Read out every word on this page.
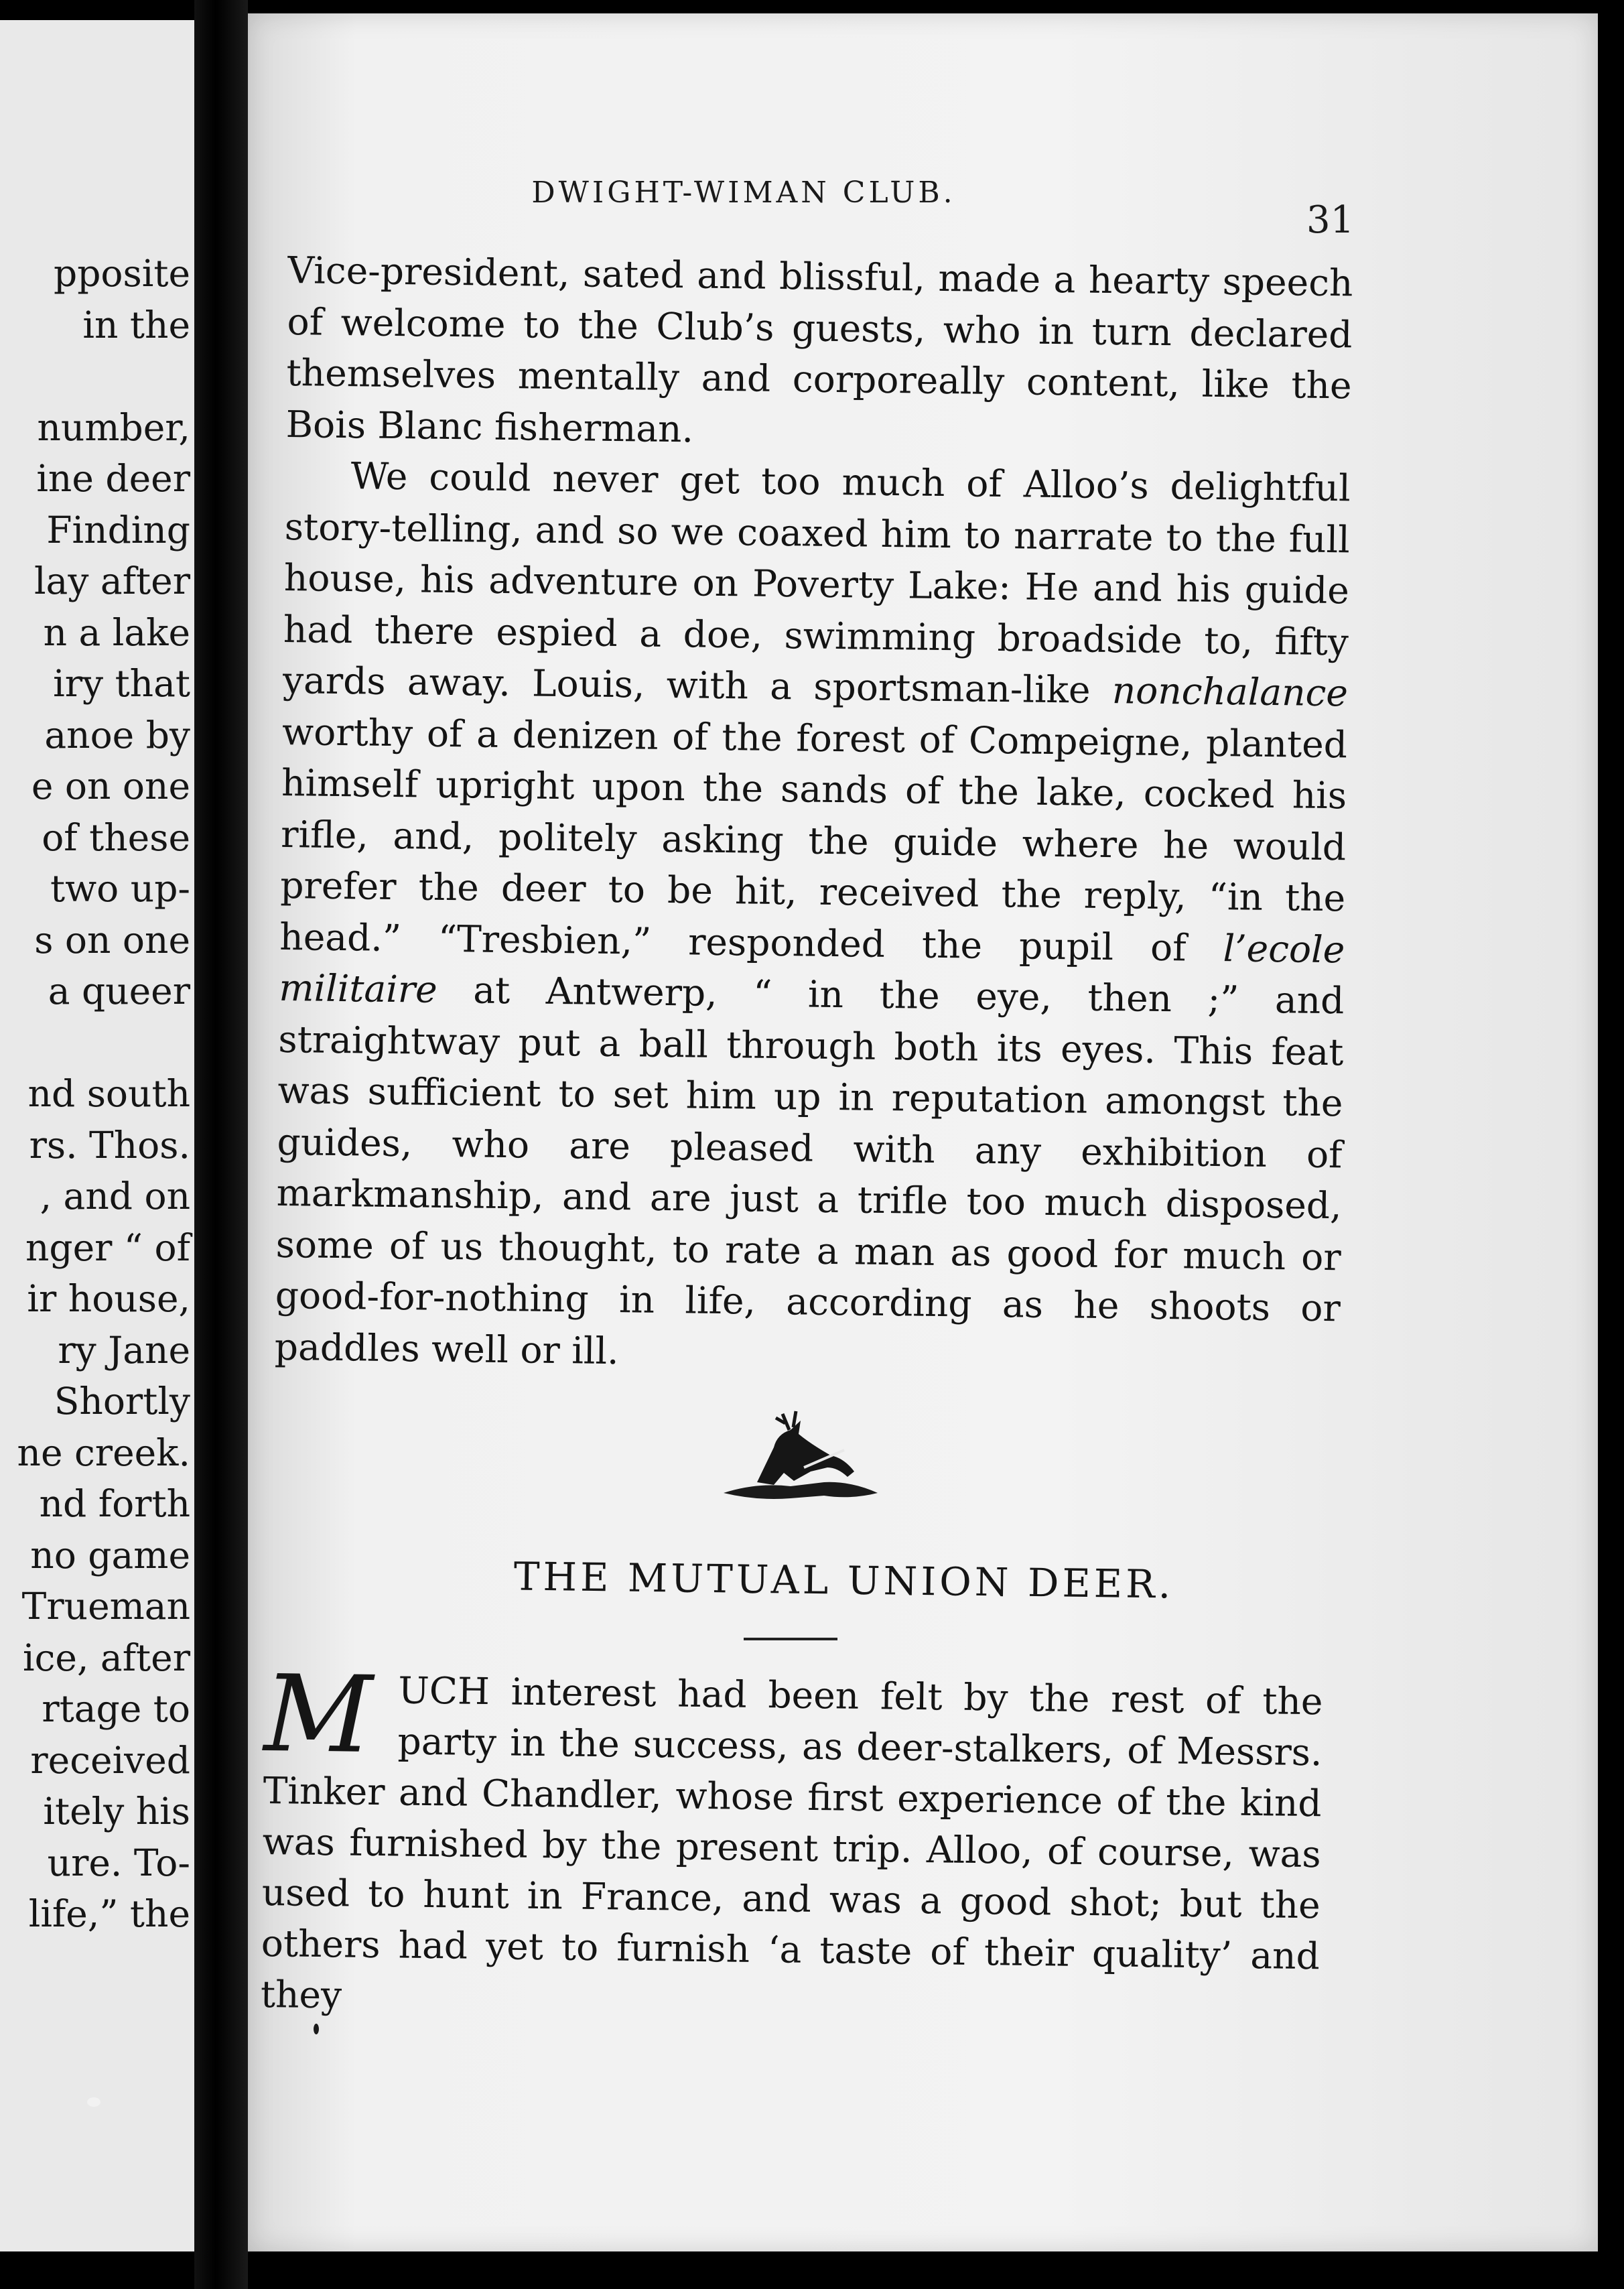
pposite
in the
number,
ine deer
Finding
lay after
n a lake
iry that
anoe by
e on one
of these
two up-
s on one
a queer
nd south
rs. Thos.
, and on
nger “ of
ir house,
ry Jane
Shortly
ne creek.
nd forth
no game
Trueman
ice, after
rtage to
received
itely his
ure. To-
life,” the
DWIGHT-WIMAN CLUB.
31

Vice-president, sated and blissful, made a hearty speech of welcome to the Club’s guests, who in turn declared themselves mentally and corporeally content, like the Bois Blanc fisherman.

We could never get too much of Alloo’s delightful story-telling, and so we coaxed him to narrate to the full house, his adventure on Poverty Lake: He and his guide had there espied a doe, swimming broadside to, fifty yards away. Louis, with a sportsman-like nonchalance worthy of a denizen of the forest of Compeigne, planted himself upright upon the sands of the lake, cocked his rifle, and, politely asking the guide where he would prefer the deer to be hit, received the reply, “in the head.” “Tresbien,” responded the pupil of l’ecole militaire at Antwerp, “ in the eye, then ;” and straightway put a ball through both its eyes. This feat was sufficient to set him up in reputation amongst the guides, who are pleased with any exhibition of markmanship, and are just a trifle too much disposed, some of us thought, to rate a man as good for much or good-for-nothing in life, according as he shoots or paddles well or ill.

THE MUTUAL UNION DEER.
M UCH interest had been felt by the rest of the party in the success, as deer-stalkers, of Messrs. Tinker and Chandler, whose first experience of the kind was furnished by the present trip. Alloo, of course, was used to hunt in France, and was a good shot; but the others had yet to furnish ‘a taste of their quality’ and they
